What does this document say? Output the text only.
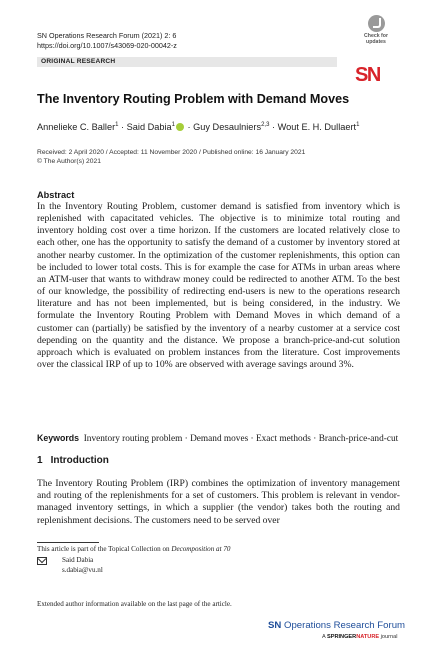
SN Operations Research Forum (2021) 2: 6
https://doi.org/10.1007/s43069-020-00042-z
ORIGINAL RESEARCH
Check for updates
SN
The Inventory Routing Problem with Demand Moves
Annelieke C. Baller$^1$ · Said Dabia$^1$ · Guy Desaulniers$^{2,3}$ · Wout E. H. Dullaert$^1$
Received: 2 April 2020 / Accepted: 11 November 2020 / Published online: 16 January 2021
© The Author(s) 2021
Abstract
In the Inventory Routing Problem, customer demand is satisfied from inventory which is replenished with capacitated vehicles. The objective is to minimize total routing and inventory holding cost over a time horizon. If the customers are located relatively close to each other, one has the opportunity to satisfy the demand of a customer by inventory stored at another nearby customer. In the optimization of the customer replenishments, this option can be included to lower total costs. This is for example the case for ATMs in urban areas where an ATM-user that wants to withdraw money could be redirected to another ATM. To the best of our knowledge, the possibility of redirecting end-users is new to the operations research literature and has not been implemented, but is being considered, in the industry. We formulate the Inventory Routing Problem with Demand Moves in which demand of a customer can (partially) be satisfied by the inventory of a nearby customer at a service cost depending on the quantity and the distance. We propose a branch-price-and-cut solution approach which is evaluated on problem instances from the literature. Cost improvements over the classical IRP of up to 10% are observed with average savings around 3%.
Keywords Inventory routing problem · Demand moves · Exact methods · Branch-price-and-cut
1 Introduction
The Inventory Routing Problem (IRP) combines the optimization of inventory management and routing of the replenishments for a set of customers. This problem is relevant in vendor-managed inventory settings, in which a supplier (the vendor) takes both the routing and replenishment decisions. The customers need to be served over
This article is part of the Topical Collection on Decomposition at 70
Said Dabia
s.dabia@vu.nl
Extended author information available on the last page of the article.
SN Operations Research Forum
A SPRINGERNATURE journal
